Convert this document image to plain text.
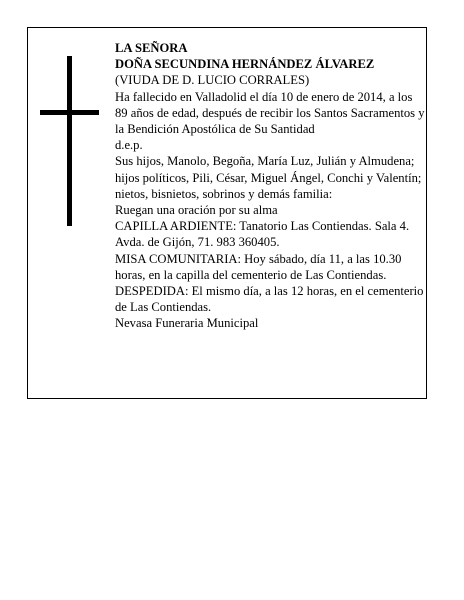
LA SEÑORA

DOÑA SECUNDINA HERNÁNDEZ ÁLVAREZ

(VIUDA DE D. LUCIO CORRALES)

Ha fallecido en Valladolid el día 10 de enero de 2014, a los 89 años de edad, después de recibir los Santos Sacramentos y la Bendición Apostólica de Su Santidad

d.e.p.

Sus hijos, Manolo, Begoña, María Luz, Julián y Almudena; hijos políticos, Pili, César, Miguel Ángel, Conchi y Valentín; nietos, bisnietos, sobrinos y demás familia:

Ruegan una oración por su alma

CAPILLA ARDIENTE: Tanatorio Las Contiendas. Sala 4. Avda. de Gijón, 71. 983 360405.

MISA COMUNITARIA: Hoy sábado, día 11, a las 10.30 horas, en la capilla del cementerio de Las Contiendas.

DESPEDIDA: El mismo día, a las 12 horas, en el cementerio de Las Contiendas.

Nevasa Funeraria Municipal
